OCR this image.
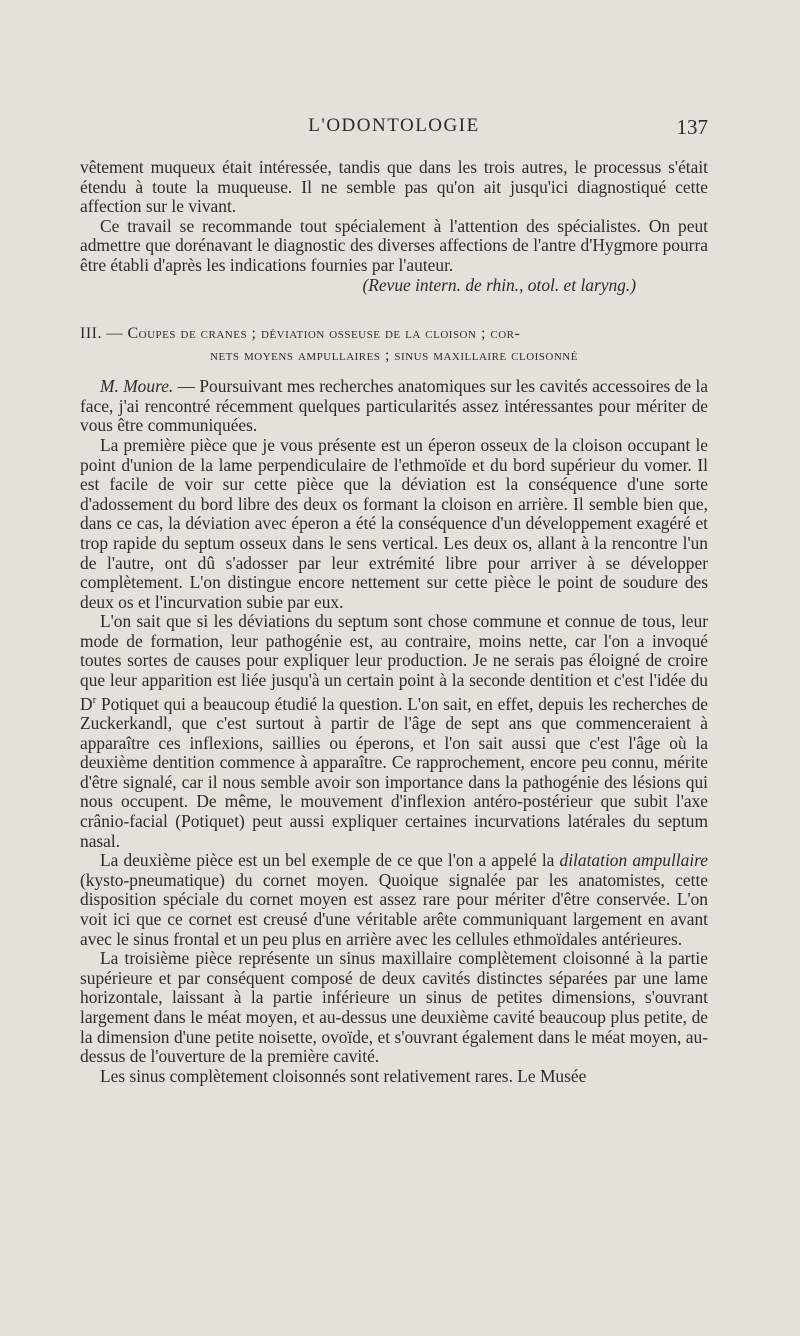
L'ODONTOLOGIE	137

vêtement muqueux était intéressée, tandis que dans les trois autres, le processus s'était étendu à toute la muqueuse. Il ne semble pas qu'on ait jusqu'ici diagnostiqué cette affection sur le vivant.

Ce travail se recommande tout spécialement à l'attention des spécialistes. On peut admettre que dorénavant le diagnostic des diverses affections de l'antre d'Hygmore pourra être établi d'après les indications fournies par l'auteur.

(Revue intern. de rhin., otol. et laryng.)

III. — Coupes de cranes ; déviation osseuse de la cloison ; cor-
nets moyens ampullaires ; sinus maxillaire cloisonné

M. Moure. — Poursuivant mes recherches anatomiques sur les cavités accessoires de la face, j'ai rencontré récemment quelques particularités assez intéressantes pour mériter de vous être communiquées.

La première pièce que je vous présente est un éperon osseux de la cloison occupant le point d'union de la lame perpendiculaire de l'ethmoïde et du bord supérieur du vomer. Il est facile de voir sur cette pièce que la déviation est la conséquence d'une sorte d'adossement du bord libre des deux os formant la cloison en arrière. Il semble bien que, dans ce cas, la déviation avec éperon a été la conséquence d'un développement exagéré et trop rapide du septum osseux dans le sens vertical. Les deux os, allant à la rencontre l'un de l'autre, ont dû s'adosser par leur extrémité libre pour arriver à se développer complètement. L'on distingue encore nettement sur cette pièce le point de soudure des deux os et l'incurvation subie par eux.

L'on sait que si les déviations du septum sont chose commune et connue de tous, leur mode de formation, leur pathogénie est, au contraire, moins nette, car l'on a invoqué toutes sortes de causes pour expliquer leur production. Je ne serais pas éloigné de croire que leur apparition est liée jusqu'à un certain point à la seconde dentition et c'est l'idée du $D^r$ Potiquet qui a beaucoup étudié la question. L'on sait, en effet, depuis les recherches de Zuckerkandl, que c'est surtout à partir de l'âge de sept ans que commenceraient à apparaître ces inflexions, saillies ou éperons, et l'on sait aussi que c'est l'âge où la deuxième dentition commence à apparaître. Ce rapprochement, encore peu connu, mérite d'être signalé, car il nous semble avoir son importance dans la pathogénie des lésions qui nous occupent. De même, le mouvement d'inflexion antéro-postérieur que subit l'axe crânio-facial (Potiquet) peut aussi expliquer certaines incurvations latérales du septum nasal.

La deuxième pièce est un bel exemple de ce que l'on a appelé la dilatation ampullaire (kysto-pneumatique) du cornet moyen. Quoique signalée par les anatomistes, cette disposition spéciale du cornet moyen est assez rare pour mériter d'être conservée. L'on voit ici que ce cornet est creusé d'une véritable arête communiquant largement en avant avec le sinus frontal et un peu plus en arrière avec les cellules ethmoïdales antérieures.

La troisième pièce représente un sinus maxillaire complètement cloisonné à la partie supérieure et par conséquent composé de deux cavités distinctes séparées par une lame horizontale, laissant à la partie inférieure un sinus de petites dimensions, s'ouvrant largement dans le méat moyen, et au-dessus une deuxième cavité beaucoup plus petite, de la dimension d'une petite noisette, ovoïde, et s'ouvrant également dans le méat moyen, au-dessus de l'ouverture de la première cavité.

Les sinus complètement cloisonnés sont relativement rares. Le Musée
